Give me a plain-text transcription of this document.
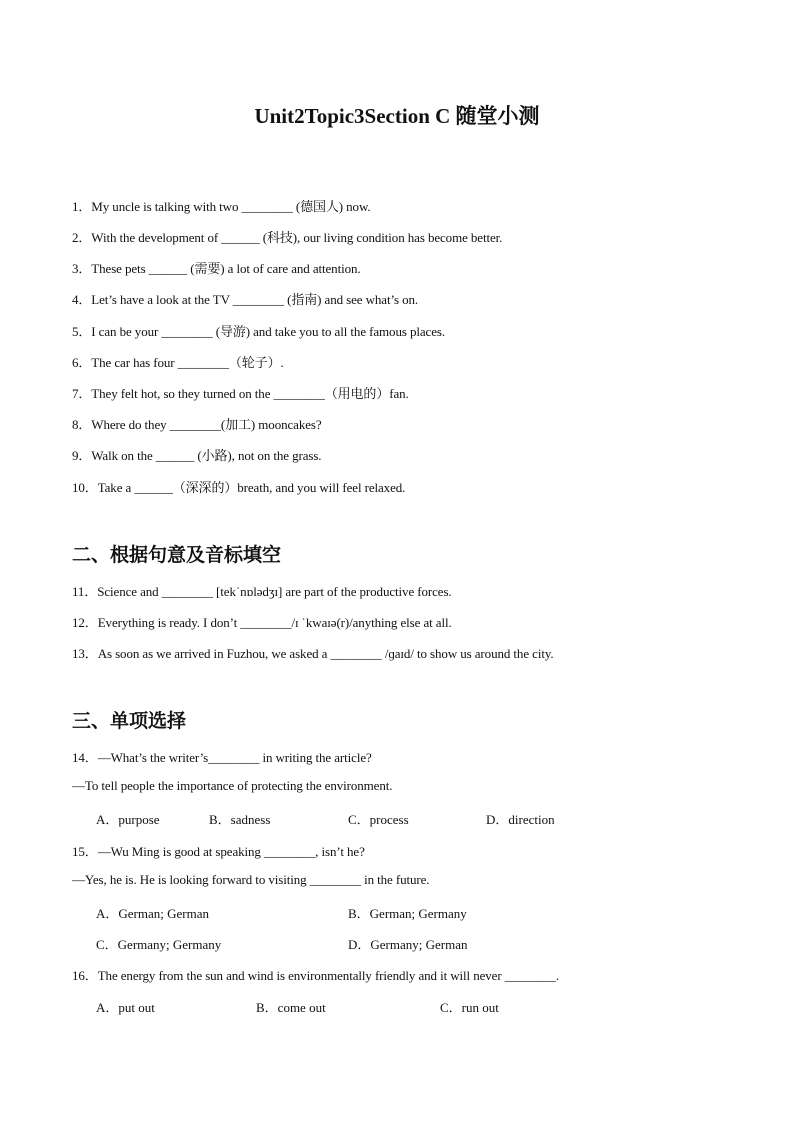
Unit2Topic3Section C 随堂小测
1．My uncle is talking with two ________ (德国人) now.
2．With the development of ______ (科技), our living condition has become better.
3．These pets ______ (需要) a lot of care and attention.
4．Let’s have a look at the TV ________ (指南) and see what’s on.
5．I can be your ________ (导游) and take you to all the famous places.
6．The car has four ________（轮子）.
7．They felt hot, so they turned on the ________（用电的）fan.
8．Where do they ________(加工) mooncakes?
9．Walk on the ______ (小路), not on the grass.
10．Take a ______（深深的）breath, and you will feel relaxed.
二、根据句意及音标填空
11．Science and ________ [tekˈnɒlədʒɪ] are part of the productive forces.
12．Everything is ready. I don’t ________/ɪ ˈkwaɪə(r)/anything else at all.
13．As soon as we arrived in Fuzhou, we asked a ________ /ɡaɪd/ to show us around the city.
三、单项选择
14．—What’s the writer’s________ in writing the article?
—To tell people the importance of protecting the environment.
A．purpose	B．sadness	C．process	D．direction
15．—Wu Ming is good at speaking ________, isn’t he?
—Yes, he is. He is looking forward to visiting ________ in the future.
A．German; German	B．German; Germany
C．Germany; Germany	D．Germany; German
16．The energy from the sun and wind is environmentally friendly and it will never ________.
A．put out	B．come out	C．run out
